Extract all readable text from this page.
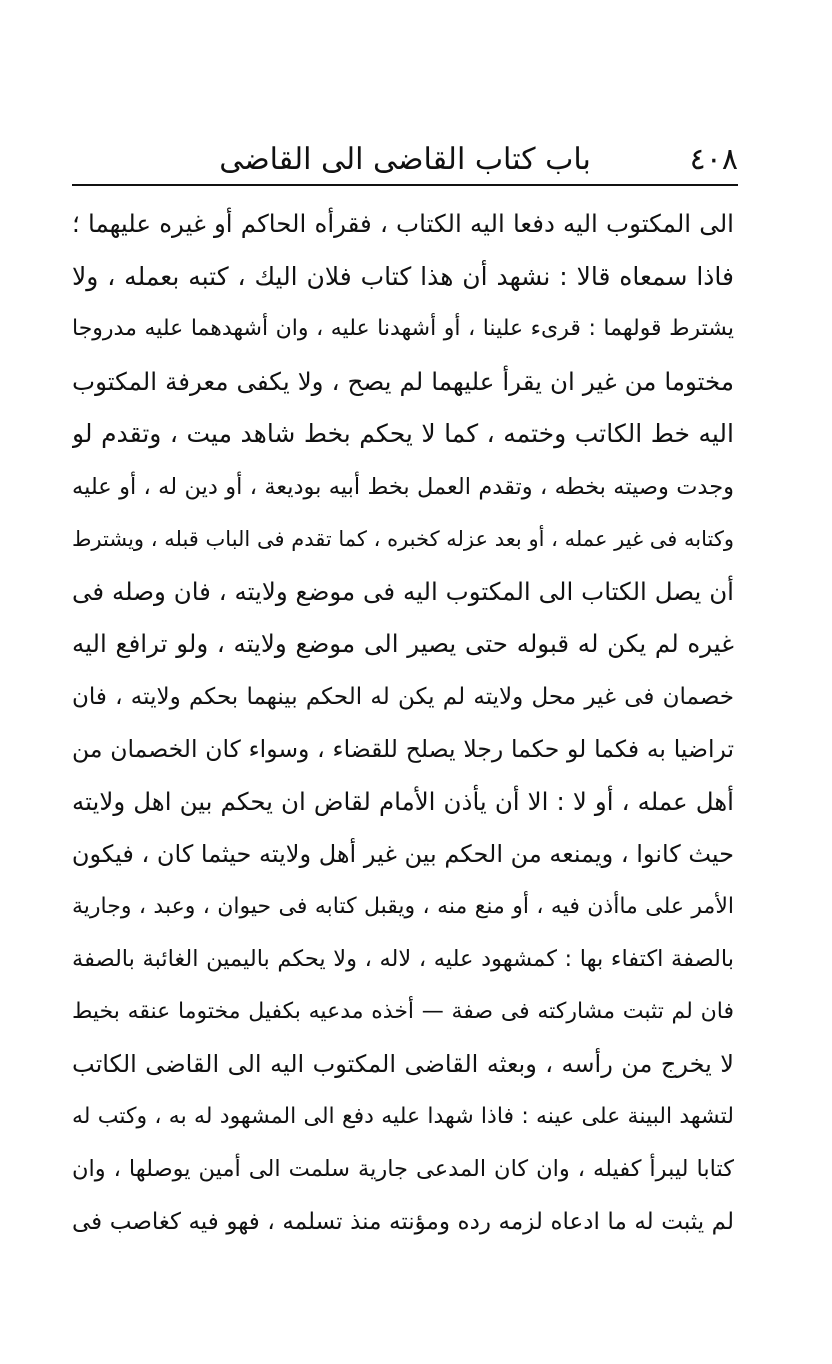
٤٠٨
باب كتاب القاضى الى القاضى
الى المكتوب اليه دفعا اليه الكتاب ، فقرأه الحاكم أو غيره عليهما ؛
فاذا سمعاه قالا : نشهد أن هذا كتاب فلان اليك ، كتبه بعمله ، ولا
يشترط قولهما : قرىء علينا ، أو أشهدنا عليه ، وان أشهدهما عليه مدروجا
مختوما من غير ان يقرأ عليهما لم يصح ، ولا يكفى معرفة المكتوب
اليه خط الكاتب وختمه ، كما لا يحكم بخط شاهد ميت ، وتقدم لو
وجدت وصيته بخطه ، وتقدم العمل بخط أبيه بوديعة ، أو دين له ، أو عليه
وكتابه فى غير عمله ، أو بعد عزله كخبره ، كما تقدم فى الباب قبله ، ويشترط
أن يصل الكتاب الى المكتوب اليه فى موضع ولايته ، فان وصله فى
غيره لم يكن له قبوله حتى يصير الى موضع ولايته ، ولو ترافع اليه
خصمان فى غير محل ولايته لم يكن له الحكم بينهما بحكم ولايته ، فان
تراضيا به فكما لو حكما رجلا يصلح للقضاء ، وسواء كان الخصمان من
أهل عمله ، أو لا : الا أن يأذن الأمام لقاض ان يحكم بين اهل ولايته
حيث كانوا ، ويمنعه من الحكم بين غير أهل ولايته حيثما كان ، فيكون
الأمر على ماأذن فيه ، أو منع منه ، ويقبل كتابه فى حيوان ، وعبد ، وجارية
بالصفة اكتفاء بها : كمشهود عليه ، لاله ، ولا يحكم باليمين الغائبة بالصفة
فان لم تثبت مشاركته فى صفة — أخذه مدعيه بكفيل مختوما عنقه بخيط
لا يخرج من رأسه ، وبعثه القاضى المكتوب اليه الى القاضى الكاتب
لتشهد البينة على عينه : فاذا شهدا عليه دفع الى المشهود له به ، وكتب له
كتابا ليبرأ كفيله ، وان كان المدعى جارية سلمت الى أمين يوصلها ، وان
لم يثبت له ما ادعاه لزمه رده ومؤنته منذ تسلمه ، فهو فيه كغاصب فى
